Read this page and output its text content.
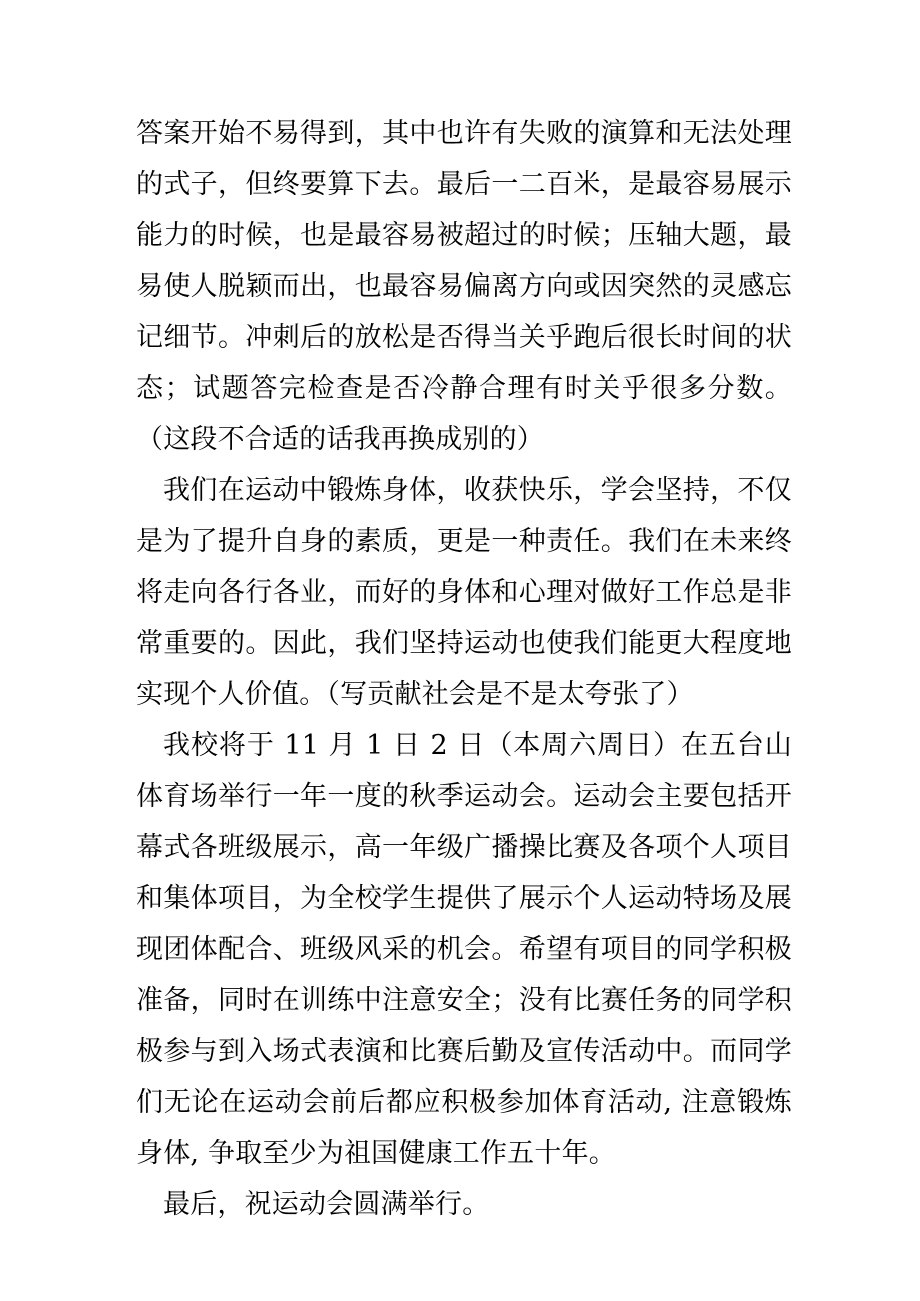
答案开始不易得到，其中也许有失败的演算和无法处理的式子，但终要算下去。最后一二百米，是最容易展示能力的时候，也是最容易被超过的时候；压轴大题，最易使人脱颖而出，也最容易偏离方向或因突然的灵感忘记细节。冲刺后的放松是否得当关乎跑后很长时间的状态；试题答完检查是否冷静合理有时关乎很多分数。（这段不合适的话我再换成别的）

我们在运动中锻炼身体，收获快乐，学会坚持，不仅是为了提升自身的素质，更是一种责任。我们在未来终将走向各行各业，而好的身体和心理对做好工作总是非常重要的。因此，我们坚持运动也使我们能更大程度地实现个人价值。（写贡献社会是不是太夸张了）

我校将于 11 月 1 日 2 日（本周六周日）在五台山体育场举行一年一度的秋季运动会。运动会主要包括开幕式各班级展示，高一年级广播操比赛及各项个人项目和集体项目，为全校学生提供了展示个人运动特场及展现团体配合、班级风采的机会。希望有项目的同学积极准备，同时在训练中注意安全；没有比赛任务的同学积极参与到入场式表演和比赛后勤及宣传活动中。而同学们无论在运动会前后都应积极参加体育活动, 注意锻炼身体, 争取至少为祖国健康工作五十年。

最后，祝运动会圆满举行。
